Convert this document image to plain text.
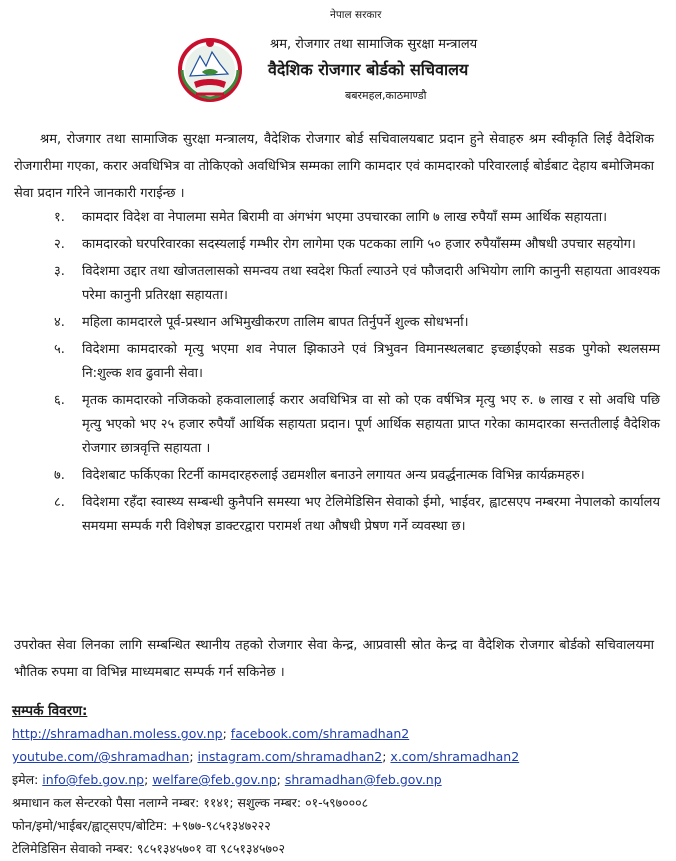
नेपाल सरकार
श्रम, रोजगार तथा सामाजिक सुरक्षा मन्त्रालय
वैदेशिक रोजगार बोर्डको सचिवालय
बबरमहल,काठमाण्डौ

श्रम, रोजगार तथा सामाजिक सुरक्षा मन्त्रालय, वैदेशिक रोजगार बोर्ड सचिवालयबाट प्रदान हुने सेवाहरु श्रम स्वीकृति लिई वैदेशिक रोजगारीमा गएका, करार अवधिभित्र वा तोकिएको अवधिभित्र सम्मका लागि कामदार एवं कामदारको परिवारलाई बोर्डबाट देहाय बमोजिमका सेवा प्रदान गरिने जानकारी गराईन्छ ।

१. कामदार विदेश वा नेपालमा समेत बिरामी वा अंगभंग भएमा उपचारका लागि ७ लाख रुपैयाँ सम्म आर्थिक सहायता।
२. कामदारको घरपरिवारका सदस्यलाई गम्भीर रोग लागेमा एक पटकका लागि ५० हजार रुपैयाँसम्म औषधी उपचार सहयोग।
३. विदेशमा उद्दार तथा खोजतलासको समन्वय तथा स्वदेश फिर्ता ल्याउने एवं फौजदारी अभियोग लागि कानुनी सहायता आवश्यक परेमा कानुनी प्रतिरक्षा सहायता।
४. महिला कामदारले पूर्व-प्रस्थान अभिमुखीकरण तालिम बापत तिर्नुपर्ने शुल्क सोधभर्ना।
५. विदेशमा कामदारको मृत्यु भएमा शव नेपाल झिकाउने एवं त्रिभुवन विमानस्थलबाट इच्छाईएको सडक पुगेको स्थलसम्म नि:शुल्क शव ढुवानी सेवा।
६. मृतक कामदारको नजिकको हकवालालाई करार अवधिभित्र वा सो को एक वर्षभित्र मृत्यु भए रु. ७ लाख र सो अवधि पछि मृत्यु भएको भए २५ हजार रुपैयाँ आर्थिक सहायता प्रदान। पूर्ण आर्थिक सहायता प्राप्त गरेका कामदारका सन्ततीलाई वैदेशिक रोजगार छात्रवृत्ति सहायता ।
७. विदेशबाट फर्किएका रिटर्नी कामदारहरुलाई उद्यमशील बनाउने लगायत अन्य प्रवर्द्धनात्मक विभिन्न कार्यक्रमहरु।
८. विदेशमा रहँदा स्वास्थ्य सम्बन्धी कुनैपनि समस्या भए टेलिमेडिसिन सेवाको ईमो, भाईवर, ह्वाटसएप नम्बरमा नेपालको कार्यालय समयमा सम्पर्क गरी विशेषज्ञ डाक्टरद्वारा परामर्श तथा औषधी प्रेषण गर्ने व्यवस्था छ।

उपरोक्त सेवा लिनका लागि सम्बन्धित स्थानीय तहको रोजगार सेवा केन्द्र, आप्रवासी स्रोत केन्द्र वा वैदेशिक रोजगार बोर्डको सचिवालयमा भौतिक रुपमा वा विभिन्न माध्यमबाट सम्पर्क गर्न सकिनेछ ।

सम्पर्क विवरण:
http://shramadhan.moless.gov.np; facebook.com/shramadhan2
youtube.com/@shramadhan; instagram.com/shramadhan2; x.com/shramadhan2
इमेल: info@feb.gov.np; welfare@feb.gov.np; shramadhan@feb.gov.np
श्रमाधान कल सेन्टरको पैसा नलाग्ने नम्बर: ११४१; सशुल्क नम्बर: ०१-५९७०००८
फोन/इमो/भाईबर/ह्वाट्सएप/बोटिम: +९७७-९८५१३४७२२२
टेलिमेडिसिन सेवाको नम्बर: ९८५१३४५७०१ वा ९८५१३४५७०२
